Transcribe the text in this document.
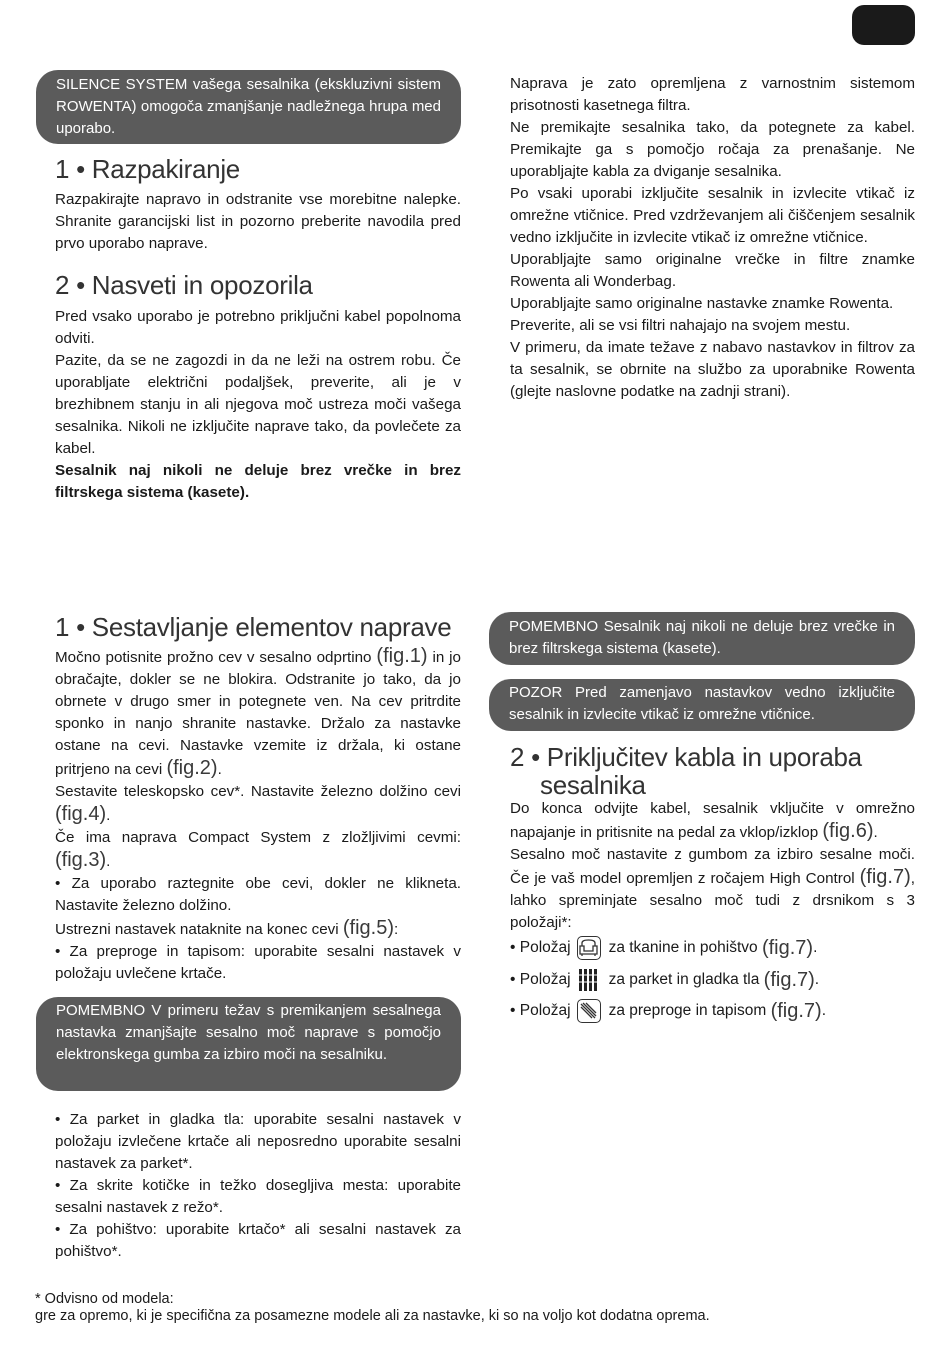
SILENCE SYSTEM vašega sesalnika (ekskluzivni sistem ROWENTA) omogoča zmanjšanje nadležnega hrupa med uporabo.

1 • Razpakiranje

Razpakirajte napravo in odstranite vse morebitne nalepke. Shranite garancijski list in pozorno preberite navodila pred prvo uporabo naprave.

2 • Nasveti in opozorila

Pred vsako uporabo je potrebno priključni kabel popolnoma odviti.

Pazite, da se ne zagozdi in da ne leži na ostrem robu. Če uporabljate električni podaljšek, preverite, ali je v brezhibnem stanju in ali njegova moč ustreza moči vašega sesalnika. Nikoli ne izključite naprave tako, da povlečete za kabel.

Sesalnik naj nikoli ne deluje brez vrečke in brez filtrskega sistema (kasete).

Naprava je zato opremljena z varnostnim sistemom prisotnosti kasetnega filtra.

Ne premikajte sesalnika tako, da potegnete za kabel. Premikajte ga s pomočjo ročaja za prenašanje. Ne uporabljajte kabla za dviganje sesalnika.

Po vsaki uporabi izključite sesalnik in izvlecite vtikač iz omrežne vtičnice. Pred vzdrževanjem ali čiščenjem sesalnik vedno izključite in izvlecite vtikač iz omrežne vtičnice.

Uporabljajte samo originalne vrečke in filtre znamke Rowenta ali Wonderbag.

Uporabljajte samo originalne nastavke znamke Rowenta.

Preverite, ali se vsi filtri nahajajo na svojem mestu.

V primeru, da imate težave z nabavo nastavkov in filtrov za ta sesalnik, se obrnite na službo za uporabnike Rowenta (glejte naslovne podatke na zadnji strani).

1 • Sestavljanje elementov naprave

Močno potisnite prožno cev v sesalno odprtino (fig.1) in jo obračajte, dokler se ne blokira. Odstranite jo tako, da jo obrnete v drugo smer in potegnete ven. Na cev pritrdite sponko in nanjo shranite nastavke. Držalo za nastavke ostane na cevi. Nastavke vzemite iz držala, ki ostane pritrjeno na cevi (fig.2).

Sestavite teleskopsko cev*. Nastavite železno dolžino cevi (fig.4).

Če ima naprava Compact System z zložljivimi cevmi: (fig.3).

• Za uporabo raztegnite obe cevi, dokler ne klikneta. Nastavite železno dolžino.

Ustrezni nastavek nataknite na konec cevi (fig.5):

• Za preproge in tapisom: uporabite sesalni nastavek v položaju uvlečene krtače.

POMEMBNO V primeru težav s premikanjem sesalnega nastavka zmanjšajte sesalno moč naprave s pomočjo elektronskega gumba za izbiro moči na sesalniku.

• Za parket in gladka tla: uporabite sesalni nastavek v položaju izvlečene krtače ali neposredno uporabite sesalni nastavek za parket*.

• Za skrite kotičke in težko dosegljiva mesta: uporabite sesalni nastavek z režo*.

• Za pohištvo: uporabite krtačo* ali sesalni nastavek za pohištvo*.

POMEMBNO Sesalnik naj nikoli ne deluje brez vrečke in brez filtrskega sistema (kasete).

POZOR Pred zamenjavo nastavkov vedno izključite sesalnik in izvlecite vtikač iz omrežne vtičnice.

2 • Priključitev kabla in uporaba
sesalnika

Do konca odvijte kabel, sesalnik vključite v omrežno napajanje in pritisnite na pedal za vklop/izklop (fig.6).

Sesalno moč nastavite z gumbom za izbiro sesalne moči. Če je vaš model opremljen z ročajem High Control (fig.7), lahko spreminjate sesalno moč tudi z drsnikom s 3 položaji*:

• Položaj za tkanine in pohištvo (fig.7) .
• Položaj za parket in gladka tla (fig.7) .
• Položaj za preproge in tapisom (fig.7) .
* Odvisno od modela:
gre za opremo, ki je specifična za posamezne modele ali za nastavke, ki so na voljo kot dodatna oprema.
